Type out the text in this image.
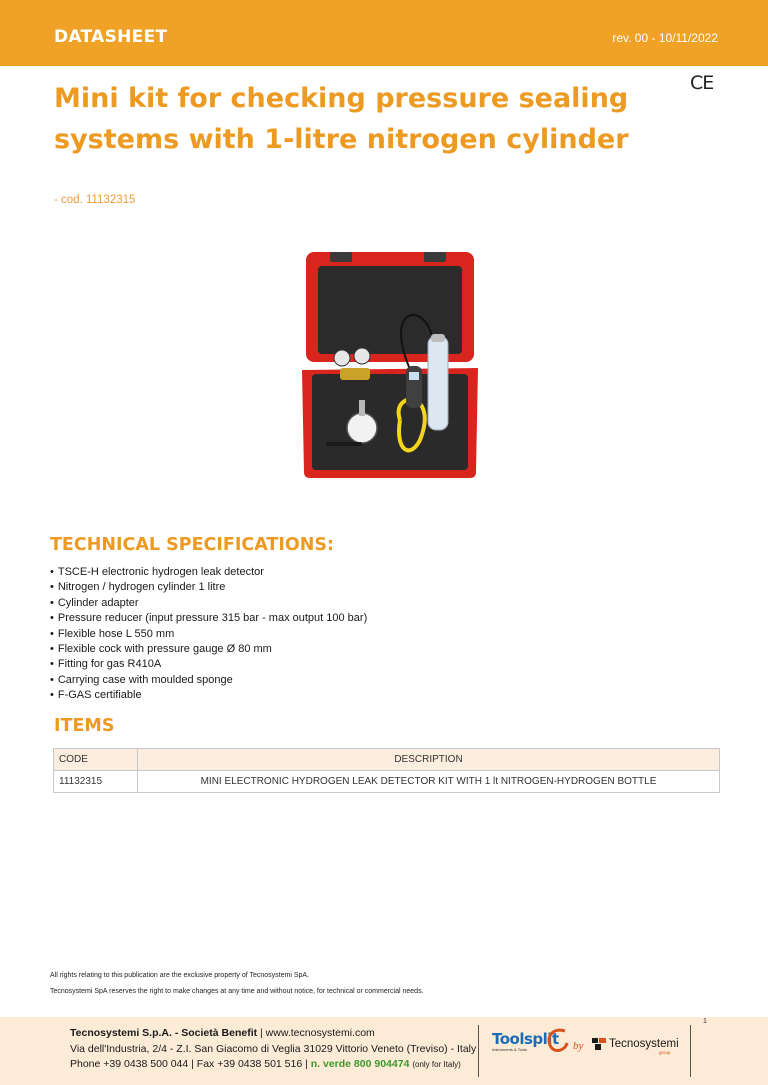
DATASHEET	rev. 00 - 10/11/2022
CE
Mini kit for checking pressure sealing
systems with 1-litre nitrogen cylinder
- cod. 11132315
TECHNICAL SPECIFICATIONS:
• TSCE-H electronic hydrogen leak detector
• Nitrogen / hydrogen cylinder 1 litre
• Cylinder adapter
• Pressure reducer (input pressure 315 bar - max output 100 bar)
• Flexible hose L 550 mm
• Flexible cock with pressure gauge Ø 80 mm
• Fitting for gas R410A
• Carrying case with moulded sponge
• F-GAS certifiable
ITEMS
CODE	DESCRIPTION
11132315	MINI ELECTRONIC HYDROGEN LEAK DETECTOR KIT WITH 1 lt NITROGEN-HYDROGEN BOTTLE
All rights relating to this publication are the exclusive property of Tecnosystemi SpA.
Tecnosystemi SpA reserves the right to make changes at any time and without notice, for technical or commercial needs.
1
Tecnosystemi S.p.A. - Società Benefit | www.tecnosystemi.com
Via dell'Industria, 2/4 - Z.I. San Giacomo di Veglia 31029 Vittorio Veneto (Treviso) - Italy
Phone +39 0438 500 044 | Fax +39 0438 501 516 | n. verde 800 904474 (only for Italy)
Toolsplit
Instruments & Tools	by Tecnosystemi
group
